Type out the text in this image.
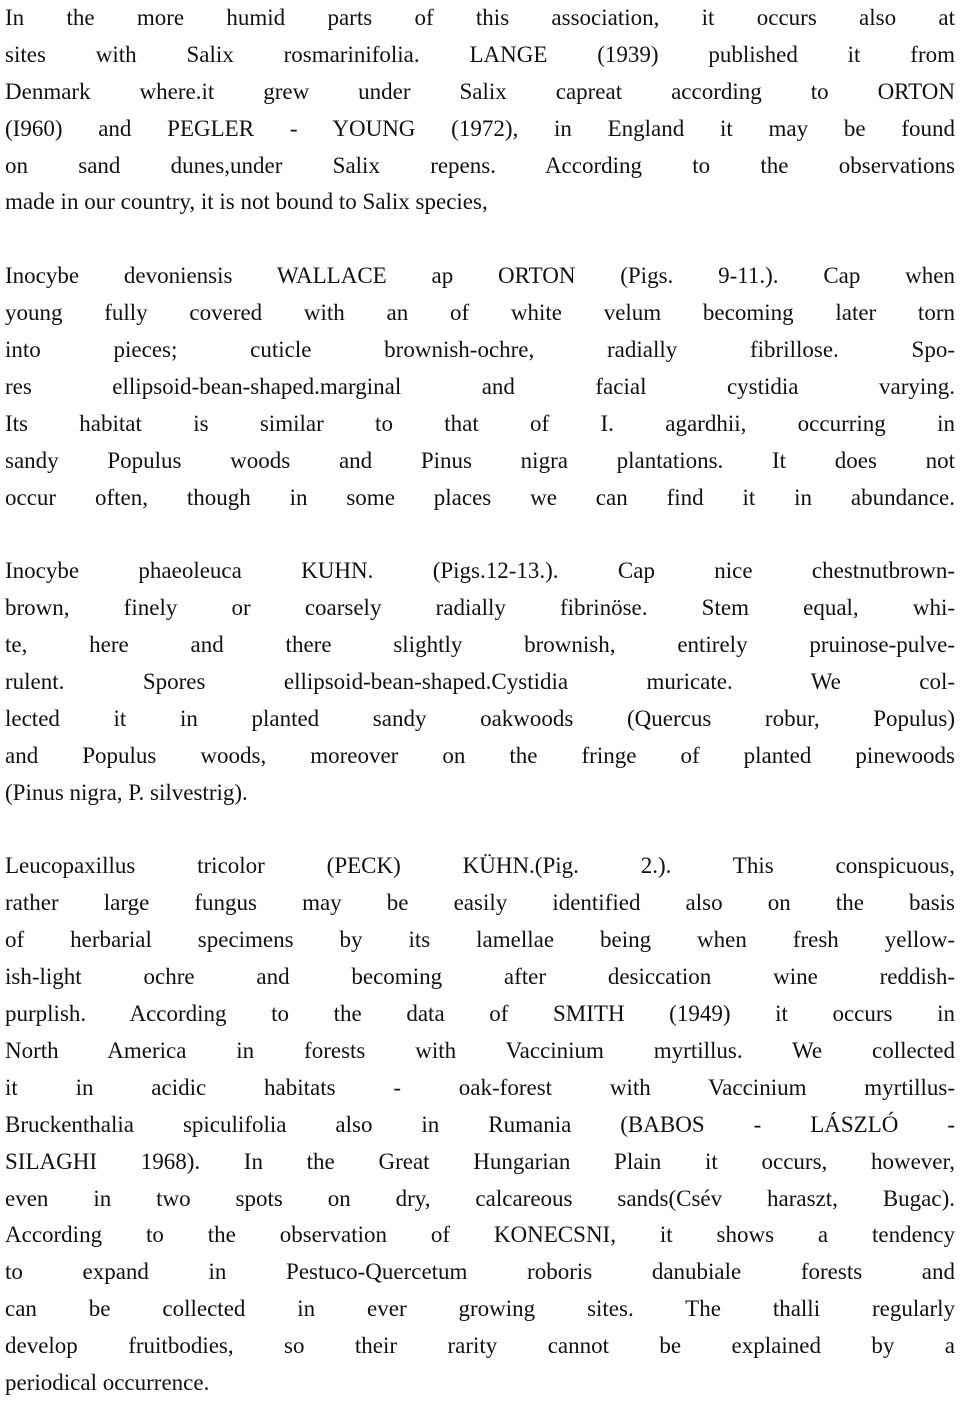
In the more humid parts of this association, it occurs also at
sites with Salix rosmarinifolia. LANGE (1939) published it from
Denmark where.it grew under Salix capreat according to ORTON
(I960) and PEGLER - YOUNG (1972), in England it may be found
on sand dunes,under Salix repens. According to the observations
made in our country, it is not bound to Salix species,
Inocybe devoniensis WALLACE ap ORTON (Pigs. 9-11.). Cap when
young fully covered with an of white velum becoming later torn
into pieces; cuticle brownish-ochre, radially fibrillose. Spo-
res ellipsoid-bean-shaped.marginal and facial cystidia varying.
Its habitat is similar to that of I. agardhii, occurring in
sandy Populus woods and Pinus nigra plantations. It does not
occur often, though in some places we can find it in abundance.
Inocybe phaeoleuca KUHN. (Pigs.12-13.). Cap nice chestnutbrown-
brown, finely or coarsely radially fibrinöse. Stem equal, whi-
te, here and there slightly brownish, entirely pruinose-pulve-
rulent. Spores ellipsoid-bean-shaped.Cystidia muricate. We col-
lected it in planted sandy oakwoods (Quercus robur, Populus)
and Populus woods, moreover on the fringe of planted pinewoods
(Pinus nigra, P. silvestrig).
Leucopaxillus tricolor (PECK) KÜHN.(Pig. 2.). This conspicuous,
rather large fungus may be easily identified also on the basis
of herbarial specimens by its lamellae being when fresh yellow-
ish-light ochre and becoming after desiccation wine reddish-
purplish. According to the data of SMITH (1949) it occurs in
North America in forests with Vaccinium myrtillus. We collected
it in acidic habitats - oak-forest with Vaccinium myrtillus-
Bruckenthalia spiculifolia also in Rumania (BABOS - LÁSZLÓ -
SILAGHI 1968). In the Great Hungarian Plain it occurs, however,
even in two spots on dry, calcareous sands(Csév haraszt, Bugac).
According to the observation of KONECSNI, it shows a tendency
to expand in Pestuco-Quercetum roboris danubiale forests and
can be collected in ever growing sites. The thalli regularly
develop fruitbodies, so their rarity cannot be explained by a
periodical occurrence.
